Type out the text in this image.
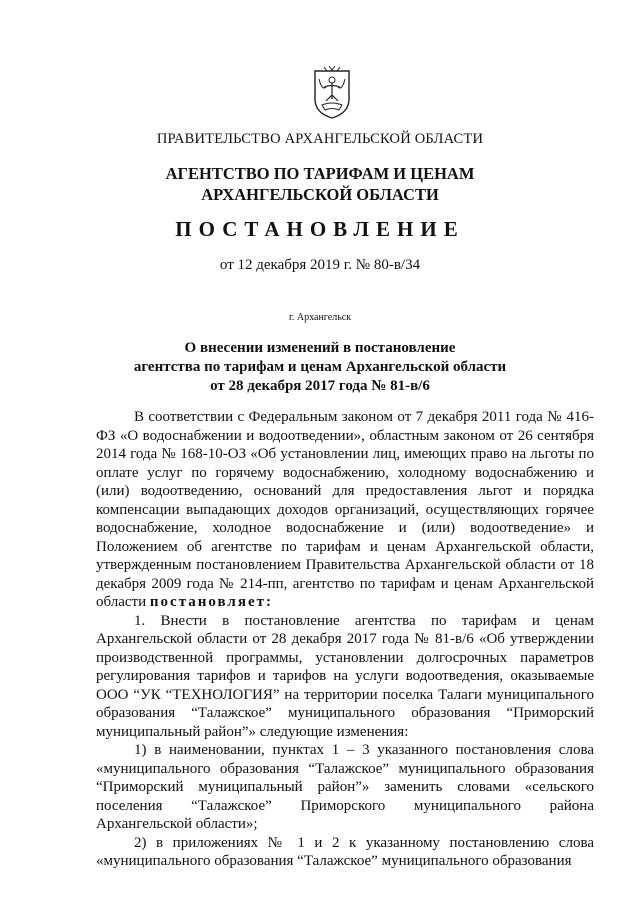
ПРАВИТЕЛЬСТВО АРХАНГЕЛЬСКОЙ ОБЛАСТИ
АГЕНТСТВО ПО ТАРИФАМ И ЦЕНАМ
АРХАНГЕЛЬСКОЙ ОБЛАСТИ
ПОСТАНОВЛЕНИЕ
от 12 декабря 2019 г. № 80-в/34
г. Архангельск
О внесении изменений в постановление
агентства по тарифам и ценам Архангельской области
от 28 декабря 2017 года № 81-в/6

В соответствии с Федеральным законом от 7 декабря 2011 года № 416-ФЗ «О водоснабжении и водоотведении», областным законом от 26 сентября 2014 года № 168-10-ОЗ «Об установлении лиц, имеющих право на льготы по оплате услуг по горячему водоснабжению, холодному водоснабжению и (или) водоотведению, оснований для предоставления льгот и порядка компенсации выпадающих доходов организаций, осуществляющих горячее водоснабжение, холодное водоснабжение и (или) водоотведение» и Положением об агентстве по тарифам и ценам Архангельской области, утвержденным постановлением Правительства Архангельской области от 18 декабря 2009 года № 214-пп, агентство по тарифам и ценам Архангельской области постановляет:

1. Внести в постановление агентства по тарифам и ценам Архангельской области от 28 декабря 2017 года № 81-в/6 «Об утверждении производственной программы, установлении долгосрочных параметров регулирования тарифов и тарифов на услуги водоотведения, оказываемые ООО “УК “ТЕХНОЛОГИЯ” на территории поселка Талаги муниципального образования “Талажское” муниципального образования “Приморский муниципальный район”» следующие изменения:

1) в наименовании, пунктах 1 – 3 указанного постановления слова «муниципального образования “Талажское” муниципального образования “Приморский муниципальный район”» заменить словами «сельского поселения “Талажское” Приморского муниципального района Архангельской области»;

2) в приложениях № 1 и 2 к указанному постановлению слова «муниципального образования “Талажское” муниципального образования
